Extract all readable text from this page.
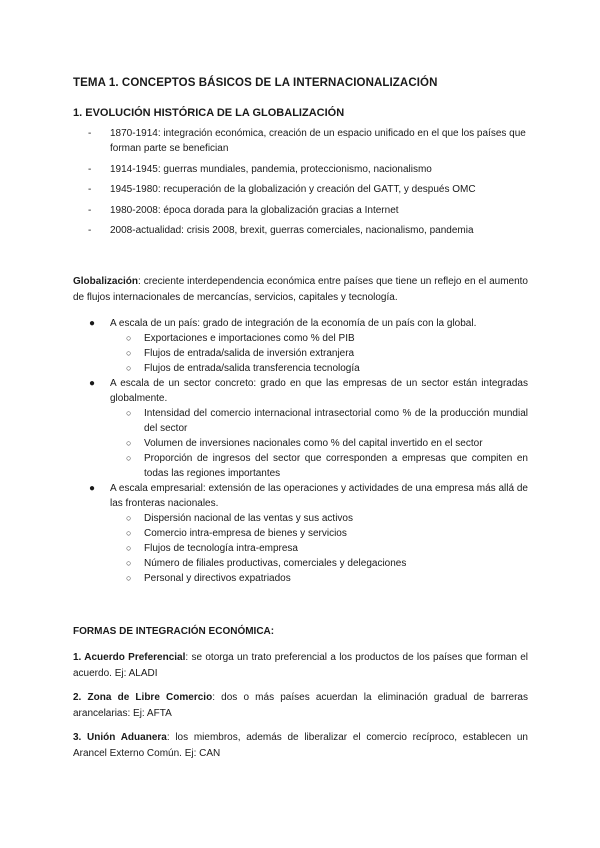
TEMA 1. CONCEPTOS BÁSICOS DE LA INTERNACIONALIZACIÓN
1. EVOLUCIÓN HISTÓRICA DE LA GLOBALIZACIÓN
- 1870-1914: integración económica, creación de un espacio unificado en el que los países que forman parte se benefician
- 1914-1945: guerras mundiales, pandemia, proteccionismo, nacionalismo
- 1945-1980: recuperación de la globalización y creación del GATT, y después OMC
- 1980-2008: época dorada para la globalización gracias a Internet
- 2008-actualidad: crisis 2008, brexit, guerras comerciales, nacionalismo, pandemia
Globalización: creciente interdependencia económica entre países que tiene un reflejo en el aumento de flujos internacionales de mercancías, servicios, capitales y tecnología.
● A escala de un país: grado de integración de la economía de un país con la global.
○ Exportaciones e importaciones como % del PIB
○ Flujos de entrada/salida de inversión extranjera
○ Flujos de entrada/salida transferencia tecnología
● A escala de un sector concreto: grado en que las empresas de un sector están integradas globalmente.
○ Intensidad del comercio internacional intrasectorial como % de la producción mundial del sector
○ Volumen de inversiones nacionales como % del capital invertido en el sector
○ Proporción de ingresos del sector que corresponden a empresas que compiten en todas las regiones importantes
● A escala empresarial: extensión de las operaciones y actividades de una empresa más allá de las fronteras nacionales.
○ Dispersión nacional de las ventas y sus activos
○ Comercio intra-empresa de bienes y servicios
○ Flujos de tecnología intra-empresa
○ Número de filiales productivas, comerciales y delegaciones
○ Personal y directivos expatriados
FORMAS DE INTEGRACIÓN ECONÓMICA:
1. Acuerdo Preferencial: se otorga un trato preferencial a los productos de los países que forman el acuerdo. Ej: ALADI
2. Zona de Libre Comercio: dos o más países acuerdan la eliminación gradual de barreras arancelarias: Ej: AFTA
3. Unión Aduanera: los miembros, además de liberalizar el comercio recíproco, establecen un Arancel Externo Común. Ej: CAN
